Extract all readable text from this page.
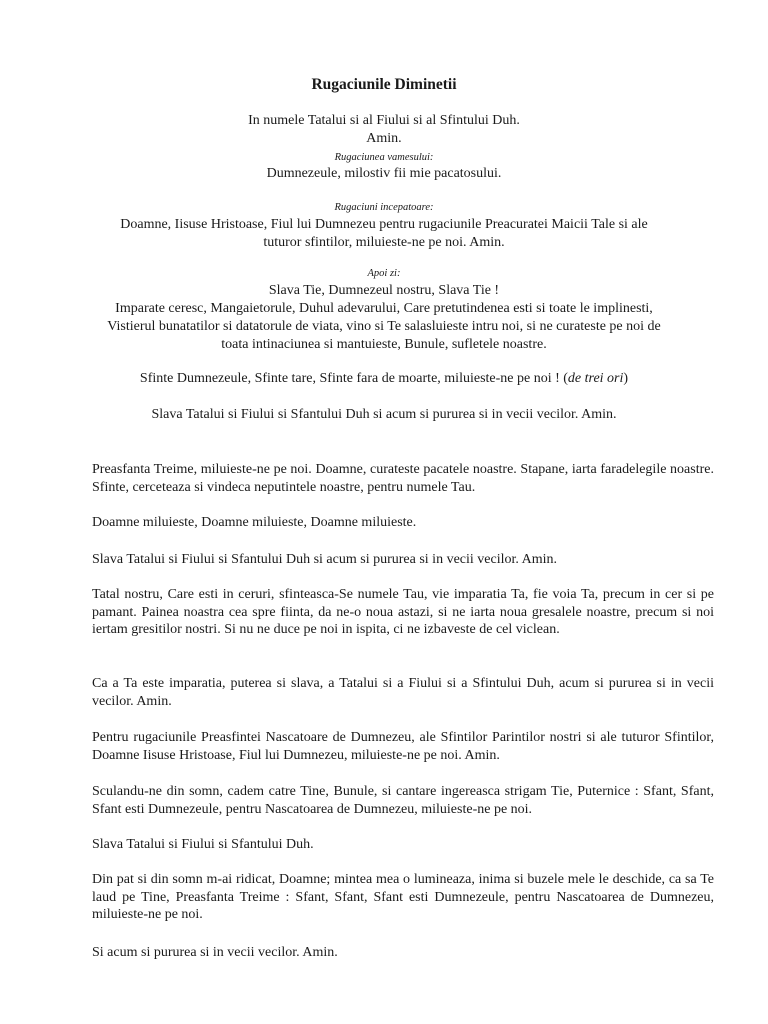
Rugaciunile Diminetii
In numele Tatalui si al Fiului si al Sfintului Duh.
Amin.
Rugaciunea vamesului:
Dumnezeule, milostiv fii mie pacatosului.
Rugaciuni incepatoare:
Doamne, Iisuse Hristoase, Fiul lui Dumnezeu pentru rugaciunile Preacuratei Maicii Tale si ale
tuturor sfintilor, miluieste-ne pe noi. Amin.
Apoi zi:
Slava Tie, Dumnezeul nostru, Slava Tie !
Imparate ceresc, Mangaietorule, Duhul adevarului, Care pretutindenea esti si toate le implinesti,
Vistierul bunatatilor si datatorule de viata, vino si Te salasluieste intru noi, si ne curateste pe noi de
toata intinaciunea si mantuieste, Bunule, sufletele noastre.
Sfinte Dumnezeule, Sfinte tare, Sfinte fara de moarte, miluieste-ne pe noi ! (de trei ori)
Slava Tatalui si Fiului si Sfantului Duh si acum si pururea si in vecii vecilor. Amin.
Preasfanta Treime, miluieste-ne pe noi. Doamne, curateste pacatele noastre. Stapane, iarta faradelegile noastre. Sfinte, cerceteaza si vindeca neputintele noastre, pentru numele Tau.
Doamne miluieste, Doamne miluieste, Doamne miluieste.
Slava Tatalui si Fiului si Sfantului Duh si acum si pururea si in vecii vecilor. Amin.
Tatal nostru, Care esti in ceruri, sfinteasca-Se numele Tau, vie imparatia Ta, fie voia Ta, precum in cer si pe pamant. Painea noastra cea spre fiinta, da ne-o noua astazi, si ne iarta noua gresalele noastre, precum si noi iertam gresitilor nostri. Si nu ne duce pe noi in ispita, ci ne izbaveste de cel viclean.
Ca a Ta este imparatia, puterea si slava, a Tatalui si a Fiului si a Sfintului Duh, acum si pururea si in vecii vecilor. Amin.
Pentru rugaciunile Preasfintei Nascatoare de Dumnezeu, ale Sfintilor Parintilor nostri si ale tuturor Sfintilor, Doamne Iisuse Hristoase, Fiul lui Dumnezeu, miluieste-ne pe noi. Amin.
Sculandu-ne din somn, cadem catre Tine, Bunule, si cantare ingereasca strigam Tie, Puternice : Sfant, Sfant, Sfant esti Dumnezeule, pentru Nascatoarea de Dumnezeu, miluieste-ne pe noi.
Slava Tatalui si Fiului si Sfantului Duh.
Din pat si din somn m-ai ridicat, Doamne; mintea mea o lumineaza, inima si buzele mele le deschide, ca sa Te laud pe Tine, Preasfanta Treime : Sfant, Sfant, Sfant esti Dumnezeule, pentru Nascatoarea de Dumnezeu, miluieste-ne pe noi.
Si acum si pururea si in vecii vecilor. Amin.
